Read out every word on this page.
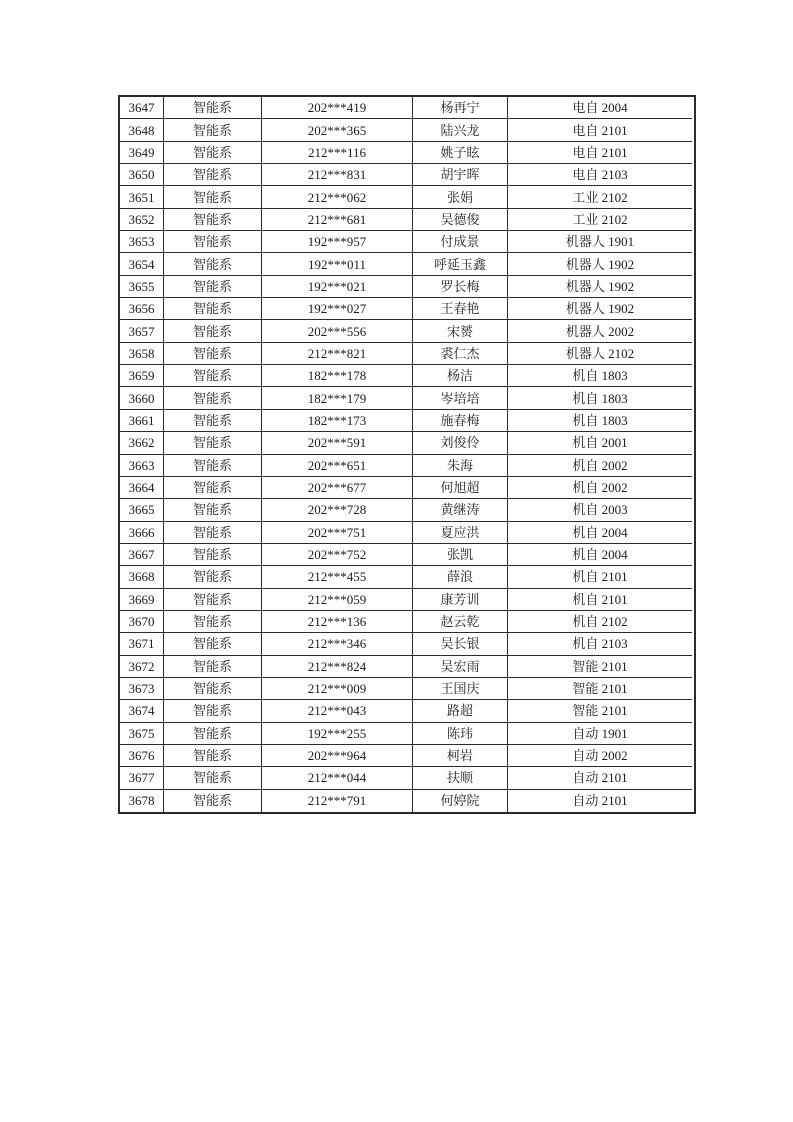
3647	智能系	202***419	杨再宁	电自 2004
3648	智能系	202***365	陆兴龙	电自 2101
3649	智能系	212***116	姚子眩	电自 2101
3650	智能系	212***831	胡宇晖	电自 2103
3651	智能系	212***062	张娟	工业 2102
3652	智能系	212***681	吴德俊	工业 2102
3653	智能系	192***957	付成景	机器人 1901
3654	智能系	192***011	呼延玉鑫	机器人 1902
3655	智能系	192***021	罗长梅	机器人 1902
3656	智能系	192***027	王春艳	机器人 1902
3657	智能系	202***556	宋赟	机器人 2002
3658	智能系	212***821	裘仁杰	机器人 2102
3659	智能系	182***178	杨洁	机自 1803
3660	智能系	182***179	岑培培	机自 1803
3661	智能系	182***173	施春梅	机自 1803
3662	智能系	202***591	刘俊伶	机自 2001
3663	智能系	202***651	朱海	机自 2002
3664	智能系	202***677	何旭超	机自 2002
3665	智能系	202***728	黄继涛	机自 2003
3666	智能系	202***751	夏应洪	机自 2004
3667	智能系	202***752	张凯	机自 2004
3668	智能系	212***455	薛浪	机自 2101
3669	智能系	212***059	康芳训	机自 2101
3670	智能系	212***136	赵云乾	机自 2102
3671	智能系	212***346	吴长银	机自 2103
3672	智能系	212***824	吴宏雨	智能 2101
3673	智能系	212***009	王国庆	智能 2101
3674	智能系	212***043	路超	智能 2101
3675	智能系	192***255	陈玮	自动 1901
3676	智能系	202***964	柯岩	自动 2002
3677	智能系	212***044	扶顺	自动 2101
3678	智能系	212***791	何婷院	自动 2101
